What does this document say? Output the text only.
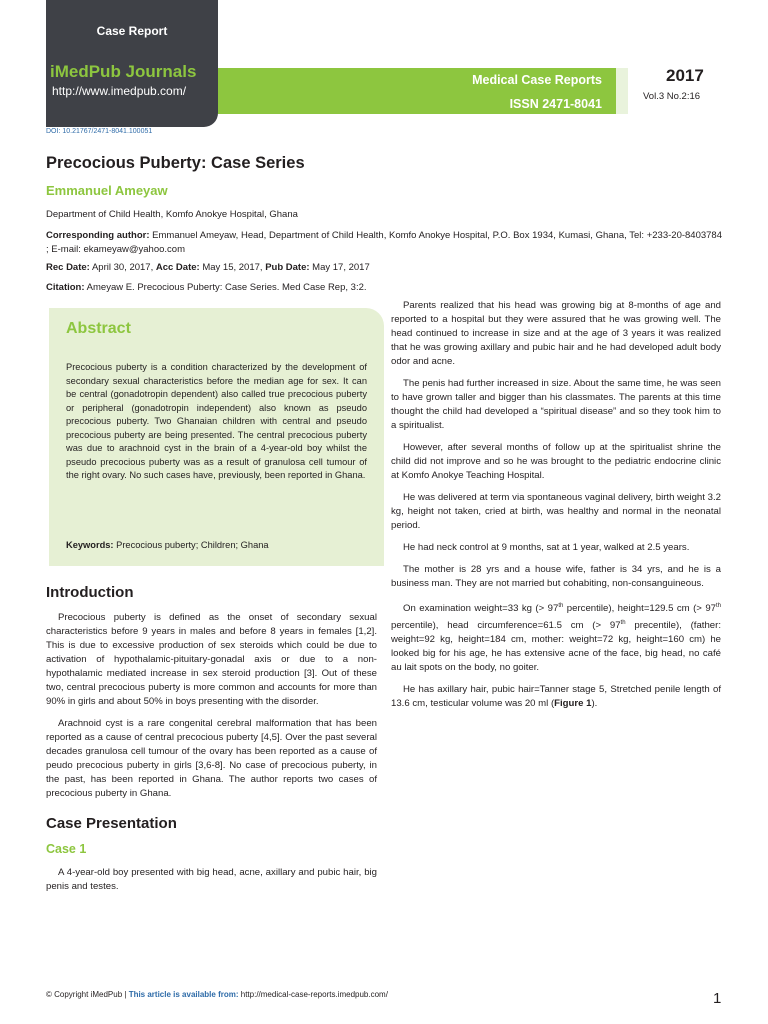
Case Report
iMedPub Journals
http://www.imedpub.com/
Medical Case Reports
ISSN 2471-8041
2017
Vol.3 No.2:16
DOI: 10.21767/2471-8041.100051
Precocious Puberty: Case Series
Emmanuel Ameyaw
Department of Child Health, Komfo Anokye Hospital, Ghana
Corresponding author: Emmanuel Ameyaw, Head, Department of Child Health, Komfo Anokye Hospital, P.O. Box 1934, Kumasi, Ghana, Tel: +233-20-8403784 ; E-mail: ekameyaw@yahoo.com
Rec Date: April 30, 2017, Acc Date: May 15, 2017, Pub Date: May 17, 2017
Citation: Ameyaw E. Precocious Puberty: Case Series. Med Case Rep, 3:2.
Abstract
Precocious puberty is a condition characterized by the development of secondary sexual characteristics before the median age for sex. It can be central (gonadotropin dependent) also called true precocious puberty or peripheral (gonadotropin independent) also known as pseudo precocious puberty. Two Ghanaian children with central and pseudo precocious puberty are being presented. The central precocious puberty was due to arachnoid cyst in the brain of a 4-year-old boy whilst the pseudo precocious puberty was as a result of granulosa cell tumour of the right ovary. No such cases have, previously, been reported in Ghana.
Keywords: Precocious puberty; Children; Ghana
Introduction

Precocious puberty is defined as the onset of secondary sexual characteristics before 9 years in males and before 8 years in females [1,2]. This is due to excessive production of sex steroids which could be due to activation of hypothalamic-pituitary-gonadal axis or due to a non-hypothalamic mediated increase in sex steroid production [3]. Out of these two, central precocious puberty is more common and accounts for more than 90% in girls and about 50% in boys presenting with the disorder.

Arachnoid cyst is a rare congenital cerebral malformation that has been reported as a cause of central precocious puberty [4,5]. Over the past several decades granulosa cell tumour of the ovary has been reported as a cause of peudo precocious puberty in girls [3,6-8]. No case of precocious puberty, in the past, has been reported in Ghana. The author reports two cases of precocious puberty in Ghana.

Case Presentation
Case 1

A 4-year-old boy presented with big head, acne, axillary and pubic hair, big penis and testes.

Parents realized that his head was growing big at 8-months of age and reported to a hospital but they were assured that he was growing well. The head continued to increase in size and at the age of 3 years it was realized that he was growing axillary and pubic hair and he had developed adult body odor and acne.

The penis had further increased in size. About the same time, he was seen to have grown taller and bigger than his classmates. The parents at this time thought the child had developed a “spiritual disease” and so they took him to a spiritualist.

However, after several months of follow up at the spiritualist shrine the child did not improve and so he was brought to the pediatric endocrine clinic at Komfo Anokye Teaching Hospital.

He was delivered at term via spontaneous vaginal delivery, birth weight 3.2 kg, height not taken, cried at birth, was healthy and normal in the neonatal period.

He had neck control at 9 months, sat at 1 year, walked at 2.5 years.

The mother is 28 yrs and a house wife, father is 34 yrs, and he is a business man. They are not married but cohabiting, non-consanguineous.

On examination weight=33 kg (> 97th percentile), height=129.5 cm (> 97th percentile), head circumference=61.5 cm (> 97th precentile), (father: weight=92 kg, height=184 cm, mother: weight=72 kg, height=160 cm) he looked big for his age, he has extensive acne of the face, big head, no café au lait spots on the body, no goiter.

He has axillary hair, pubic hair=Tanner stage 5, Stretched penile length of 13.6 cm, testicular volume was 20 ml (Figure 1).

© Copyright iMedPub | This article is available from: http://medical-case-reports.imedpub.com/	1
